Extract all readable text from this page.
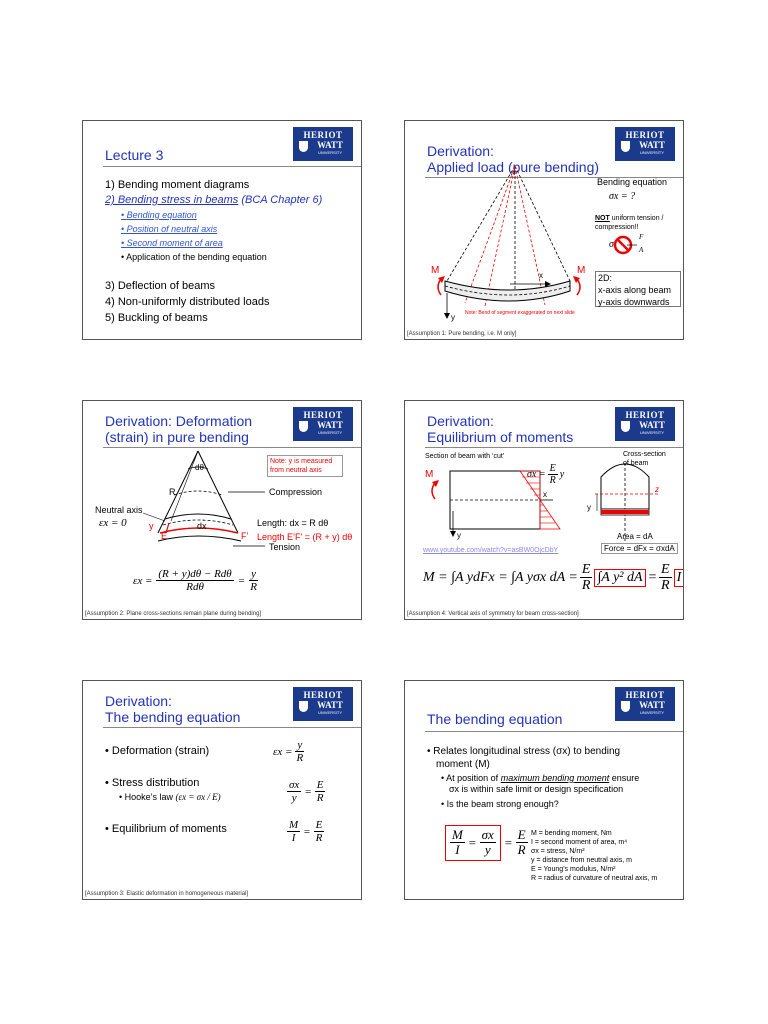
Lecture 3
HERIOT
WATT
UNIVERSITY
1) Bending moment diagrams
2) Bending stress in beams (BCA Chapter 6)
• Bending equation
• Position of neutral axis
• Second moment of area
• Application of the bending equation
3) Deflection of beams
4) Non-uniformly distributed loads
5) Buckling of beams
Derivation:
Applied load (pure bending)
HERIOT
WATT
UNIVERSITY
Bending equation
σx = ?
NOT uniform tension /
compression!!
σ
F
A
M	M
x
y Note: Bend of segment exaggerated on next slide
2D:
x-axis along beam
y-axis downwards
[Assumption 1: Pure bending, i.e. M only]
Derivation: Deformation
(strain) in pure bending
HERIOT
WATT
UNIVERSITY
Note: y is measured
from neutral axis
dθ
R	Compression
Neutral axis
εx = 0 y	dx
E	F’
Length: dx = R dθ
Length E’F’ = (R + y) dθ
Tension
$\varepsilon x = \frac{\text{(R + y)dθ − Rdθ}}{\text{Rdθ}} = \frac{y}{R}$
[Assumption 2: Plane cross-sections remain plane during bending]
Derivation:
Equilibrium of moments
HERIOT
WATT
UNIVERSITY
Section of beam with ‘cut’	Cross-section
of beam
M	$\sigma x = \frac{E}{R}$ y
x
y
z
y
Area = dA
Force = dFx = σxdA
www.youtube.com/watch?v=asBW0OjcDbY
M = ∫A ydFx = ∫A yσx dA = $\frac{E}{R} \int A$ y² dA = $\frac{E}{R}$ I
[Assumption 4: Vertical axis of symmetry for beam cross-section]
Derivation:
The bending equation
HERIOT
WATT
UNIVERSITY
• Deformation (strain)	$\varepsilon x = \frac{y}{R}$
• Stress distribution
• Hooke’s law (εx = σx / E)	$\frac{\sigma x}{y} = \frac{E}{R}$
• Equilibrium of moments	$\frac{M}{I} = \frac{E}{R}$
[Assumption 3: Elastic deformation in homogeneous material]
The bending equation
HERIOT
WATT
UNIVERSITY
• Relates longitudinal stress (σx) to bending
moment (M)
• At position of maximum bending moment ensure
σx is within safe limit or design specification
• Is the beam strong enough?
$\frac{M}{I} = \frac{\sigma x}{y} = \frac{E}{R}$ M = bending moment, Nm
I = second moment of area, m⁴
σx = stress, N/m²
y = distance from neutral axis, m
E = Young’s modulus, N/m²
R = radius of curvature of neutral axis, m
